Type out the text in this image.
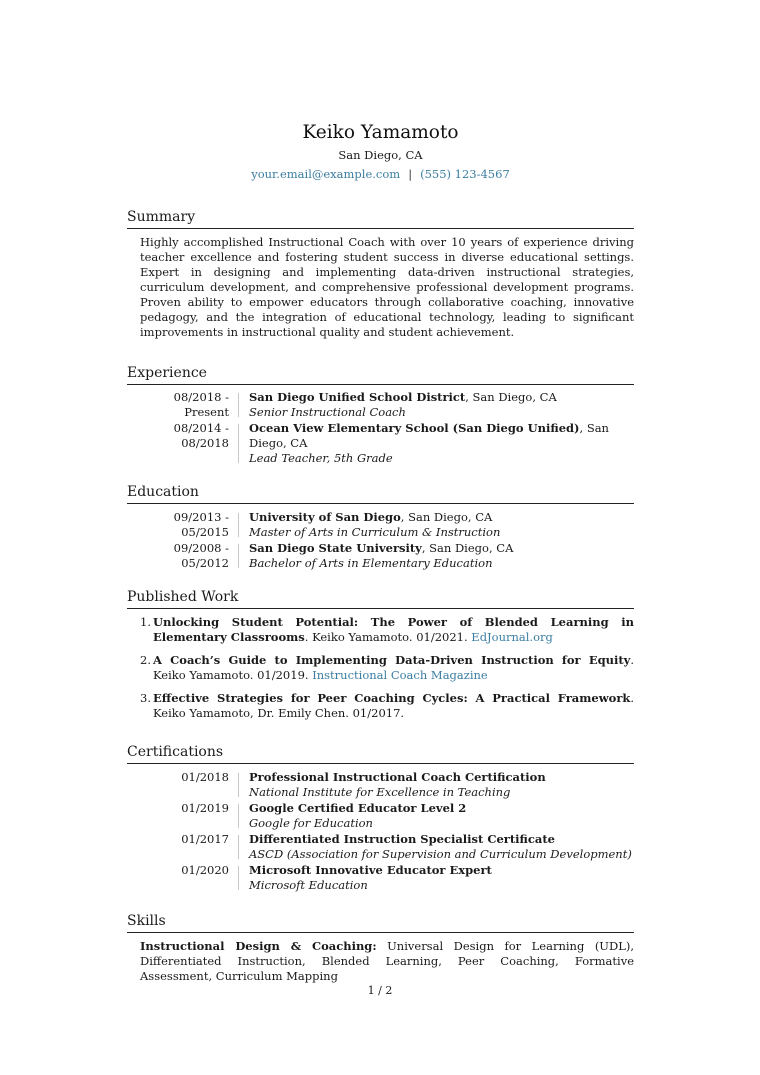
Keiko Yamamoto
San Diego, CA
your.email@example.com | (555) 123-4567
Summary
Highly accomplished Instructional Coach with over 10 years of experience driving teacher excellence and fostering student success in diverse educational settings. Expert in designing and implementing data-driven instructional strategies, curriculum development, and comprehensive professional development programs. Proven ability to empower educators through collaborative coaching, innovative pedagogy, and the integration of educational technology, leading to significant improvements in instructional quality and student achievement.
Experience
08/2018 - Present
San Diego Unified School District, San Diego, CA
Senior Instructional Coach
08/2014 - 08/2018
Ocean View Elementary School (San Diego Unified), San Diego, CA
Lead Teacher, 5th Grade
Education
09/2013 - 05/2015
University of San Diego, San Diego, CA
Master of Arts in Curriculum & Instruction
09/2008 - 05/2012
San Diego State University, San Diego, CA
Bachelor of Arts in Elementary Education
Published Work
1. Unlocking Student Potential: The Power of Blended Learning in Elementary Classrooms. Keiko Yamamoto. 01/2021. EdJournal.org
2. A Coach’s Guide to Implementing Data-Driven Instruction for Equity. Keiko Yamamoto. 01/2019. Instructional Coach Magazine
3. Effective Strategies for Peer Coaching Cycles: A Practical Framework. Keiko Yamamoto, Dr. Emily Chen. 01/2017.
Certifications
01/2018	Professional Instructional Coach Certification
National Institute for Excellence in Teaching
01/2019	Google Certified Educator Level 2
Google for Education
01/2017	Differentiated Instruction Specialist Certificate
ASCD (Association for Supervision and Curriculum Development)
01/2020	Microsoft Innovative Educator Expert
Microsoft Education
Skills
Instructional Design & Coaching: Universal Design for Learning (UDL), Differentiated Instruction, Blended Learning, Peer Coaching, Formative Assessment, Curriculum Mapping
1 / 2
